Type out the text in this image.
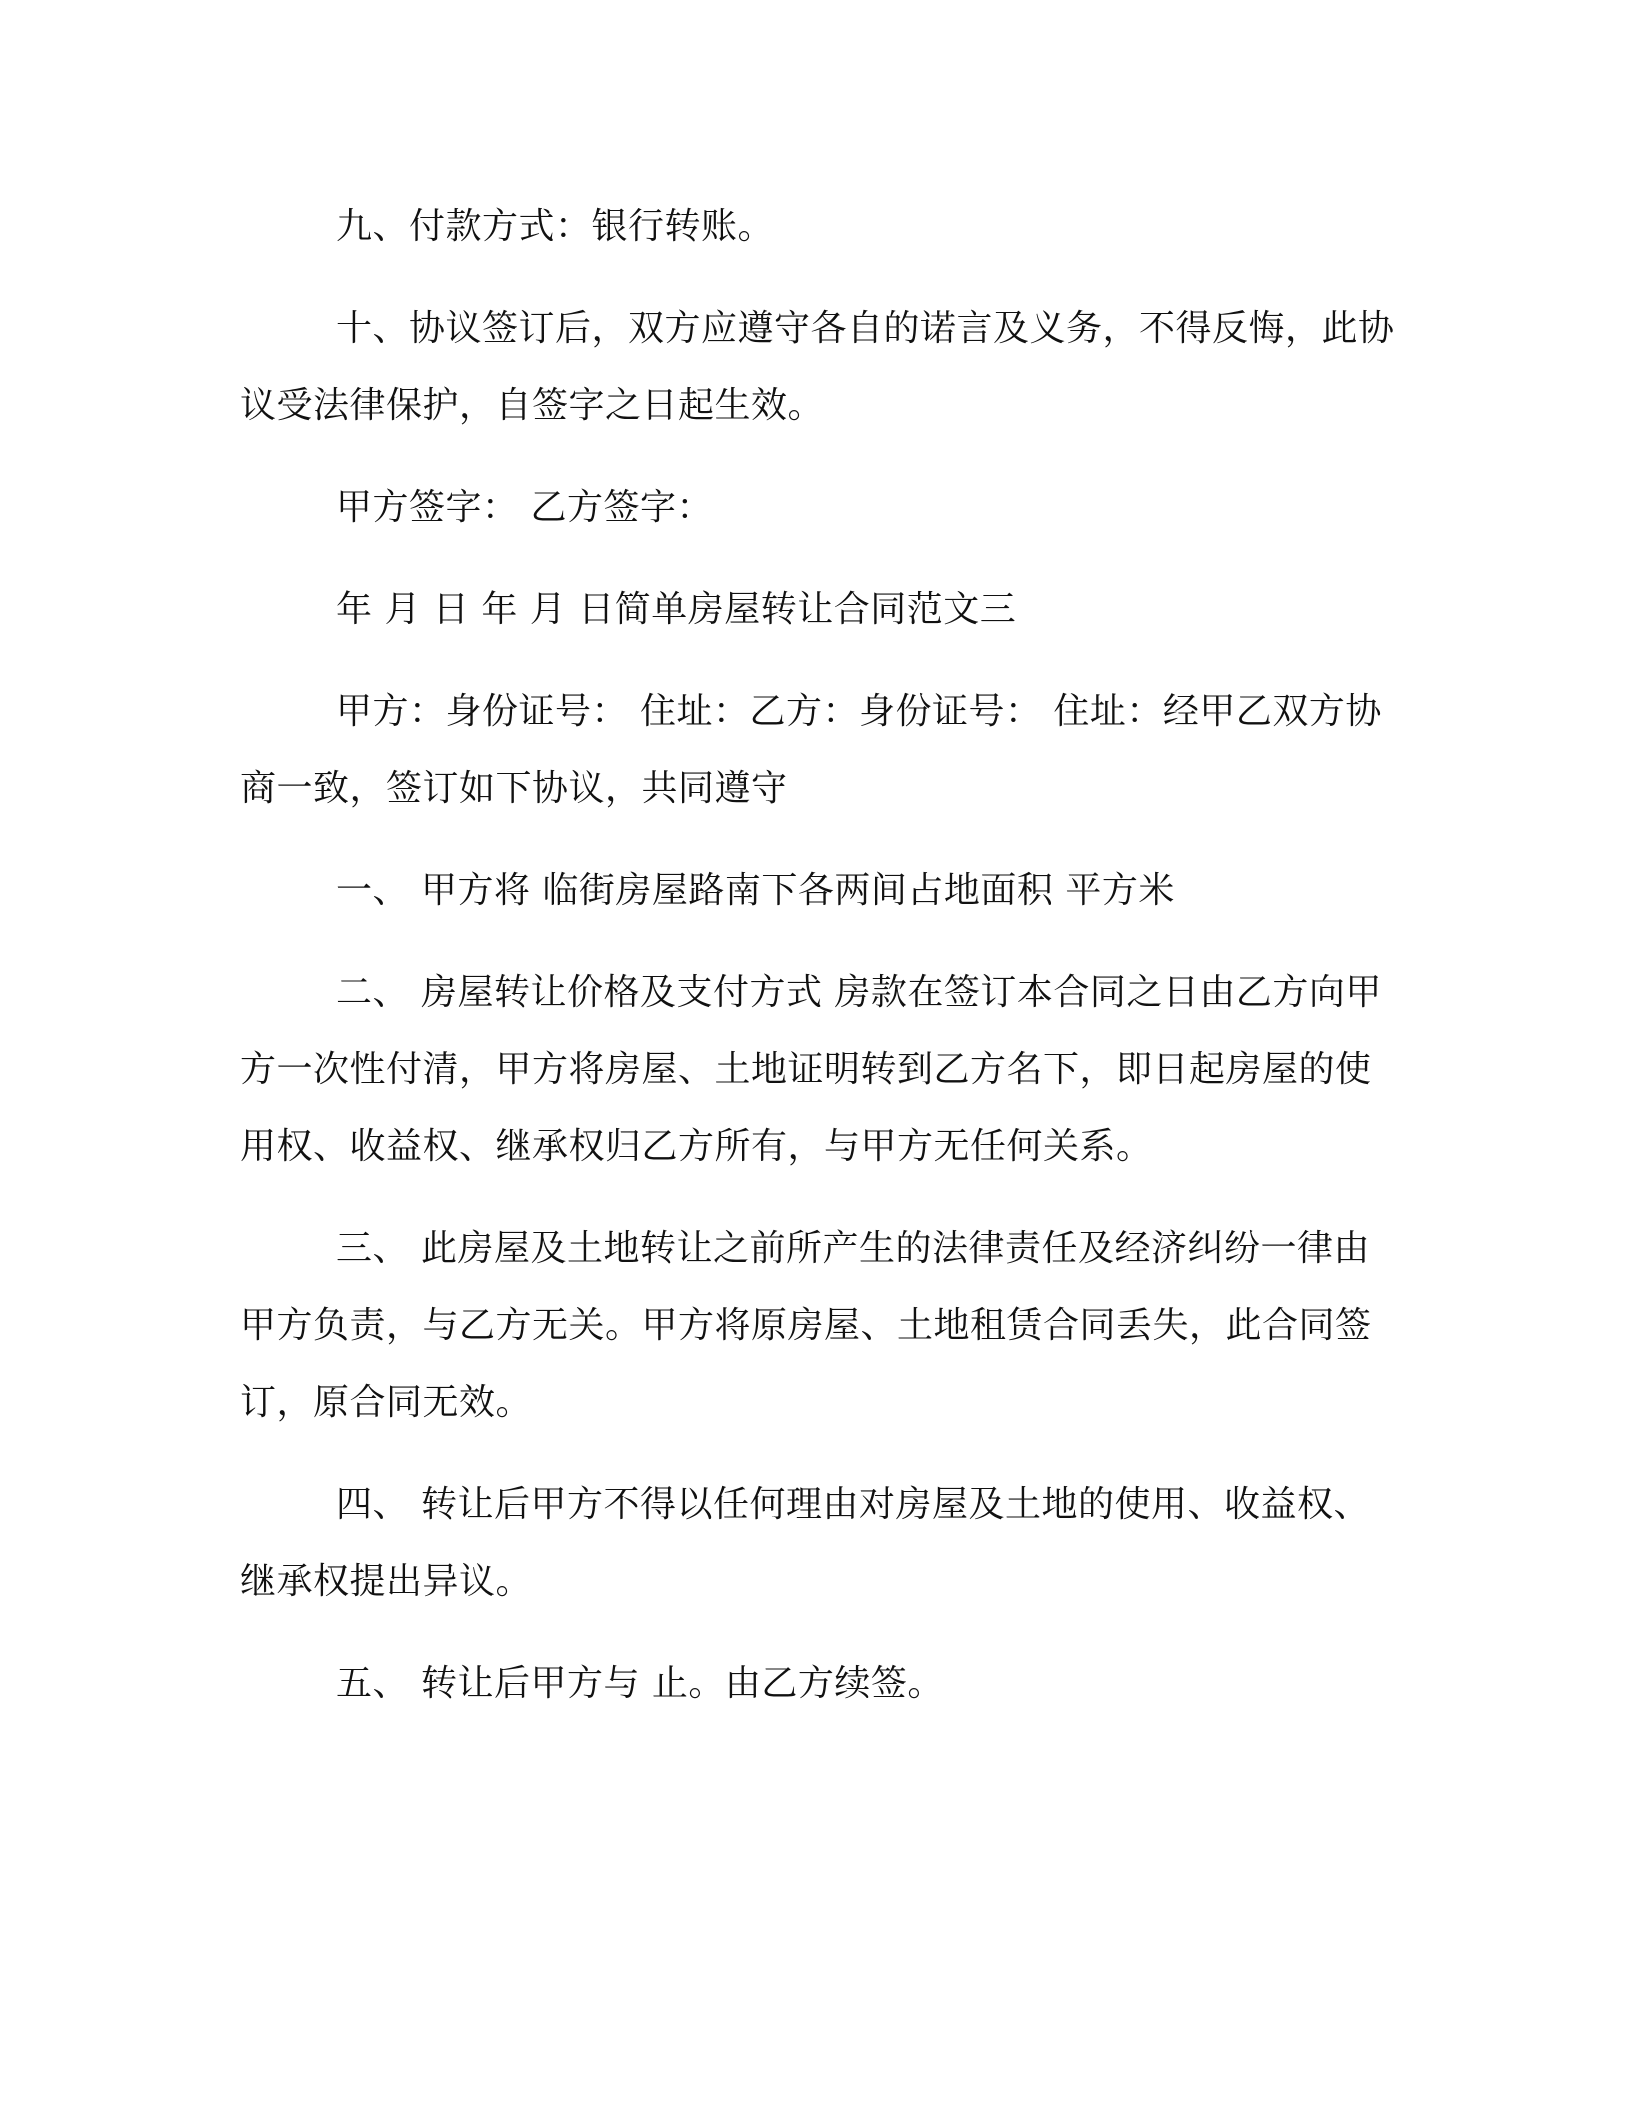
九、付款方式：银行转账。

十、协议签订后，双方应遵守各自的诺言及义务，不得反悔，此协议受法律保护，自签字之日起生效。

甲方签字： 乙方签字：

年 月 日 年 月 日简单房屋转让合同范文三

甲方：身份证号： 住址：乙方：身份证号： 住址：经甲乙双方协商一致，签订如下协议，共同遵守

一、 甲方将 临街房屋路南下各两间占地面积 平方米

二、 房屋转让价格及支付方式 房款在签订本合同之日由乙方向甲方一次性付清，甲方将房屋、土地证明转到乙方名下，即日起房屋的使用权、收益权、继承权归乙方所有，与甲方无任何关系。

三、 此房屋及土地转让之前所产生的法律责任及经济纠纷一律由甲方负责，与乙方无关。甲方将原房屋、土地租赁合同丢失，此合同签订，原合同无效。

四、 转让后甲方不得以任何理由对房屋及土地的使用、收益权、继承权提出异议。

五、 转让后甲方与 止。由乙方续签。
